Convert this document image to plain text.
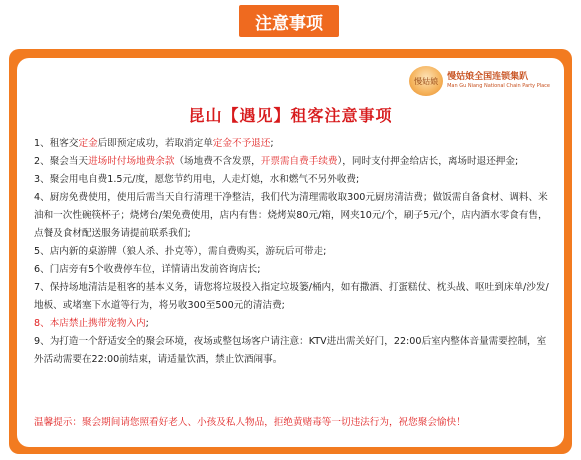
注意事项
慢姑娘	慢姑娘全国连锁集趴
Man Gu Niang National Chain Party Place
昆山【遇见】租客注意事项

1、租客交定金后即预定成功，若取消定单定金不予退还;

2、聚会当天进场时付场地费余款（场地费不含发票，开票需自费手续费），同时支付押金给店长，离场时退还押金;

3、聚会用电自费1.5元/度，愿您节约用电，人走灯熄，水和燃气不另外收费;

4、厨房免费使用，使用后需当天自行清理干净整洁，我们代为清理需收取300元厨房清洁费；做饭需自备食材、调料、米油和一次性碗筷杯子；烧烤台/架免费使用，店内有售：烧烤炭80元/箱，网夹10元/个，刷子5元/个，店内酒水零食有售，点餐及食材配送服务请提前联系我们;

5、店内新的桌游牌（狼人杀、扑克等），需自费购买，游玩后可带走;

6、门店旁有5个收费停车位，详情请出发前咨询店长;

7、保持场地清洁是租客的基本义务，请您将垃圾投入指定垃圾篓/桶内，如有撒酒、打蛋糕仗、枕头战、呕吐到床单/沙发/地板、或堵塞下水道等行为，将另收300至500元的清洁费;

8、本店禁止携带宠物入内;

9、为打造一个舒适安全的聚会环境，夜场或整包场客户请注意：KTV进出需关好门，22:00后室内整体音量需要控制，室外活动需要在22:00前结束，请适量饮酒，禁止饮酒闹事。

温馨提示：聚会期间请您照看好老人、小孩及私人物品，拒绝黄赌毒等一切违法行为，祝您聚会愉快！
